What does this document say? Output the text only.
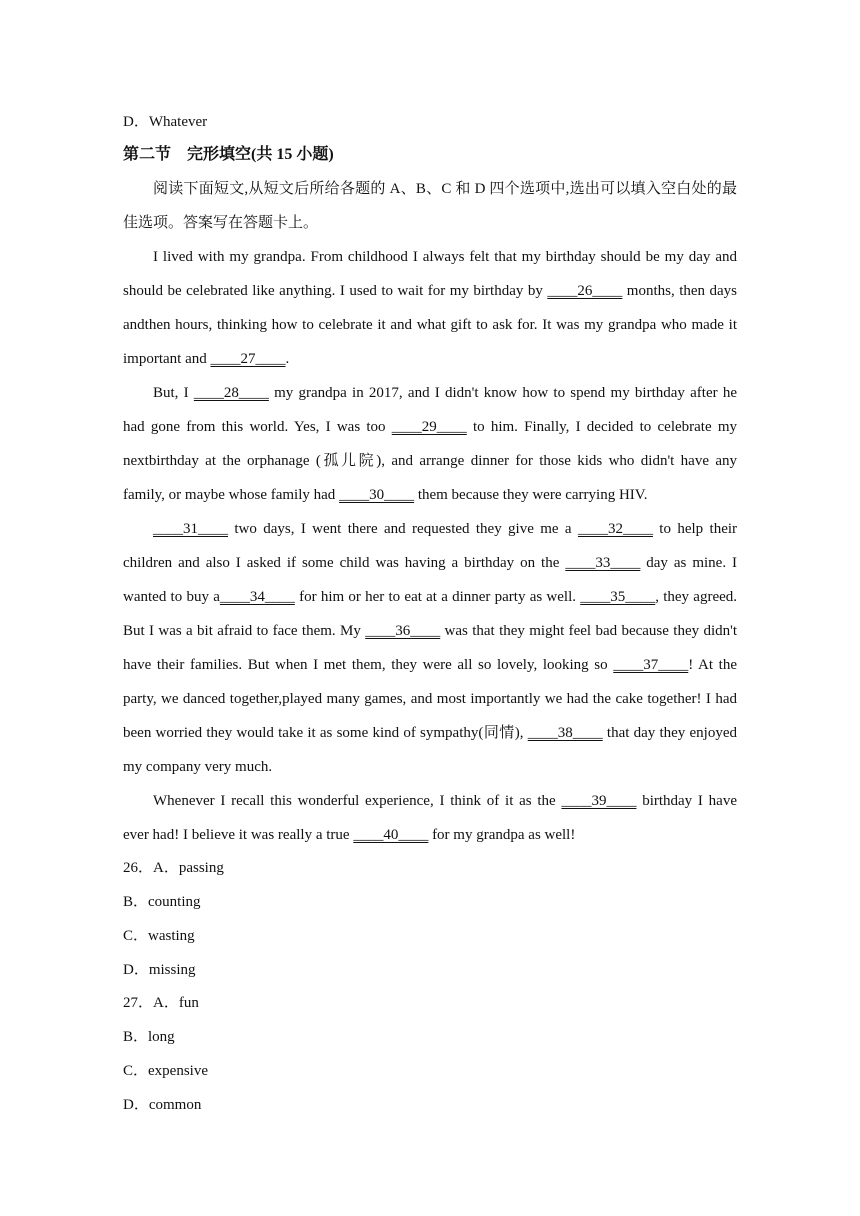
D．Whatever
第二节　完形填空(共 15 小题)
阅读下面短文,从短文后所给各题的 A、B、C 和 D 四个选项中,选出可以填入空白处的最
佳选项。答案写在答题卡上。
I lived with my grandpa. From childhood I always felt that my birthday should be my day and
should be celebrated like anything. I used to wait for my birthday by ____26____ months, then days
andthen hours, thinking how to celebrate it and what gift to ask for. It was my grandpa who made it
important and ____27____.
But, I ____28____ my grandpa in 2017, and I didn't know how to spend my birthday after he
had gone from this world. Yes, I was too ____29____ to him. Finally, I decided to celebrate my
nextbirthday at the orphanage (孤儿院), and arrange dinner for those kids who didn't have any
family, or maybe whose family had ____30____ them because they were carrying HIV.
____31____ two days, I went there and requested they give me a ____32____ to help their
children and also I asked if some child was having a birthday on the ____33____ day as mine. I
wanted to buy a____34____ for him or her to eat at a dinner party as well. ____35____, they agreed.
But I was a bit afraid to face them. My ____36____ was that they might feel bad because they didn't
have their families. But when I met them, they were all so lovely, looking so ____37____! At the
party, we danced together,played many games, and most importantly we had the cake together! I had
been worried they would take it as some kind of sympathy(同情), ____38____ that day they enjoyed
my company very much.
Whenever I recall this wonderful experience, I think of it as the ____39____ birthday I have
ever had! I believe it was really a true ____40____ for my grandpa as well!
26．A．passing
B．counting
C．wasting
D．missing
27．A．fun
B．long
C．expensive
D．common
